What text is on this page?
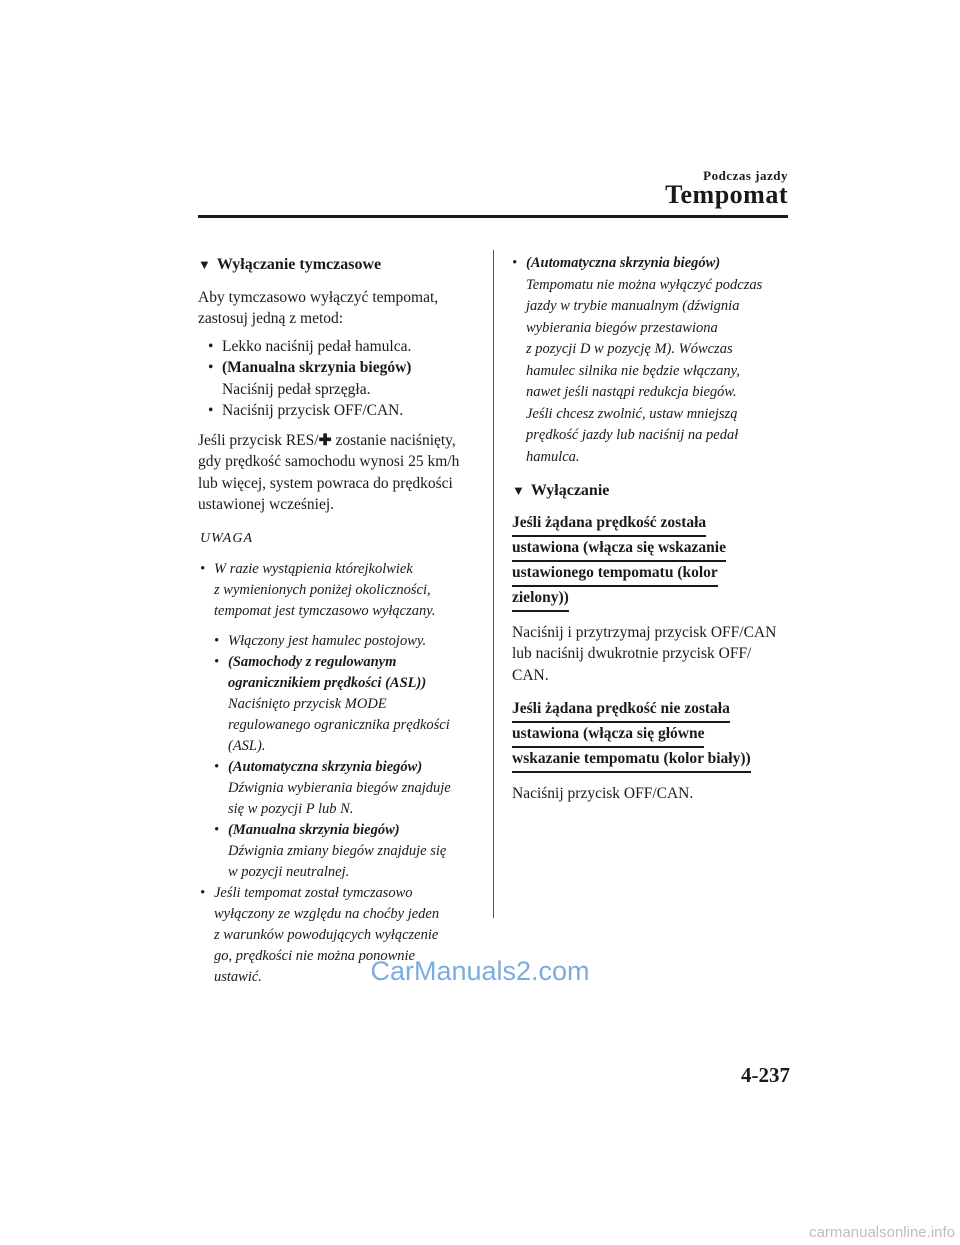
Podczas jazdy
Tempomat
▼ Wyłączanie tymczasowe

Aby tymczasowo wyłączyć tempomat,

zastosuj jedną z metod:

• Lekko naciśnij pedał hamulca.

• (Manualna skrzynia biegów)

Naciśnij pedał sprzęgła.

• Naciśnij przycisk OFF/CAN.

Jeśli przycisk RES/✚ zostanie naciśnięty,

gdy prędkość samochodu wynosi 25 km/h

lub więcej, system powraca do prędkości

ustawionej wcześniej.

UWAGA

• W razie wystąpienia którejkolwiek

z wymienionych poniżej okoliczności,

tempomat jest tymczasowo wyłączany.

• Włączony jest hamulec postojowy.

• (Samochody z regulowanym

ogranicznikiem prędkości (ASL))

Naciśnięto przycisk MODE

regulowanego ogranicznika prędkości

(ASL).

• (Automatyczna skrzynia biegów)

Dźwignia wybierania biegów znajduje

się w pozycji P lub N.

• (Manualna skrzynia biegów)

Dźwignia zmiany biegów znajduje się

w pozycji neutralnej.

• Jeśli tempomat został tymczasowo

wyłączony ze względu na choćby jeden

z warunków powodujących wyłączenie

go, prędkości nie można ponownie

ustawić.

• (Automatyczna skrzynia biegów)

Tempomatu nie można wyłączyć podczas

jazdy w trybie manualnym (dźwignia

wybierania biegów przestawiona

z pozycji D w pozycję M). Wówczas

hamulec silnika nie będzie włączany,

nawet jeśli nastąpi redukcja biegów.

Jeśli chcesz zwolnić, ustaw mniejszą

prędkość jazdy lub naciśnij na pedał

hamulca.

▼ Wyłączanie
Jeśli żądana prędkość została
ustawiona (włącza się wskazanie
ustawionego tempomatu (kolor
zielony))

Naciśnij i przytrzymaj przycisk OFF/CAN

lub naciśnij dwukrotnie przycisk OFF/

CAN.

Jeśli żądana prędkość nie została
ustawiona (włącza się główne
wskazanie tempomatu (kolor biały))

Naciśnij przycisk OFF/CAN.

CarManuals2.com
4-237
carmanualsonline.info
